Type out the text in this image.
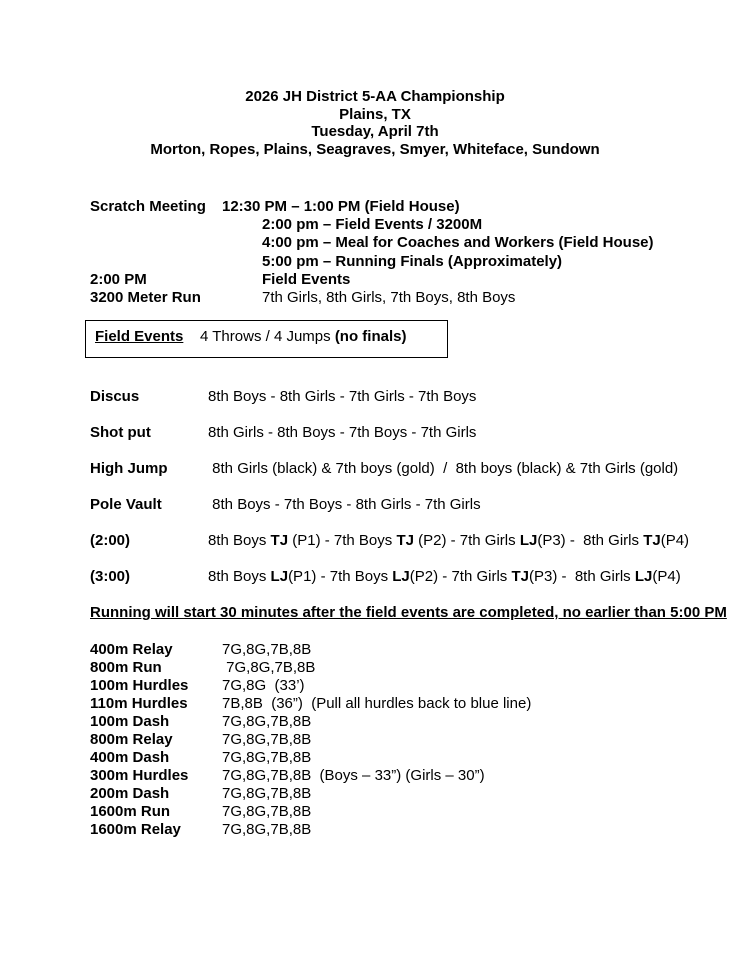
2026 JH District 5-AA Championship
Plains, TX
Tuesday, April 7th
Morton, Ropes, Plains, Seagraves, Smyer, Whiteface, Sundown
Scratch Meeting	12:30 PM – 1:00 PM (Field House)
2:00 pm – Field Events / 3200M
4:00 pm – Meal for Coaches and Workers (Field House)
5:00 pm – Running Finals (Approximately)
2:00 PM	Field Events
3200 Meter Run	7th Girls, 8th Girls, 7th Boys, 8th Boys
Field Events    4 Throws / 4 Jumps (no finals)
Discus	8th Boys - 8th Girls - 7th Girls - 7th Boys
Shot put	8th Girls - 8th Boys - 7th Boys - 7th Girls
High Jump	8th Girls (black) & 7th boys (gold)  /  8th boys (black) & 7th Girls (gold)
Pole Vault	8th Boys - 7th Boys - 8th Girls - 7th Girls
(2:00)	8th Boys TJ (P1) - 7th Boys TJ (P2) - 7th Girls LJ(P3) -  8th Girls TJ(P4)
(3:00)	8th Boys LJ(P1) - 7th Boys LJ(P2) - 7th Girls TJ(P3) -  8th Girls LJ(P4)
Running will start 30 minutes after the field events are completed, no earlier than 5:00 PM
400m Relay	7G,8G,7B,8B
800m Run	7G,8G,7B,8B
100m Hurdles	7G,8G  (33’)
110m Hurdles	7B,8B  (36”)  (Pull all hurdles back to blue line)
100m Dash	7G,8G,7B,8B
800m Relay	7G,8G,7B,8B
400m Dash	7G,8G,7B,8B
300m Hurdles	7G,8G,7B,8B  (Boys – 33”) (Girls – 30”)
200m Dash	7G,8G,7B,8B
1600m Run	7G,8G,7B,8B
1600m Relay	7G,8G,7B,8B
